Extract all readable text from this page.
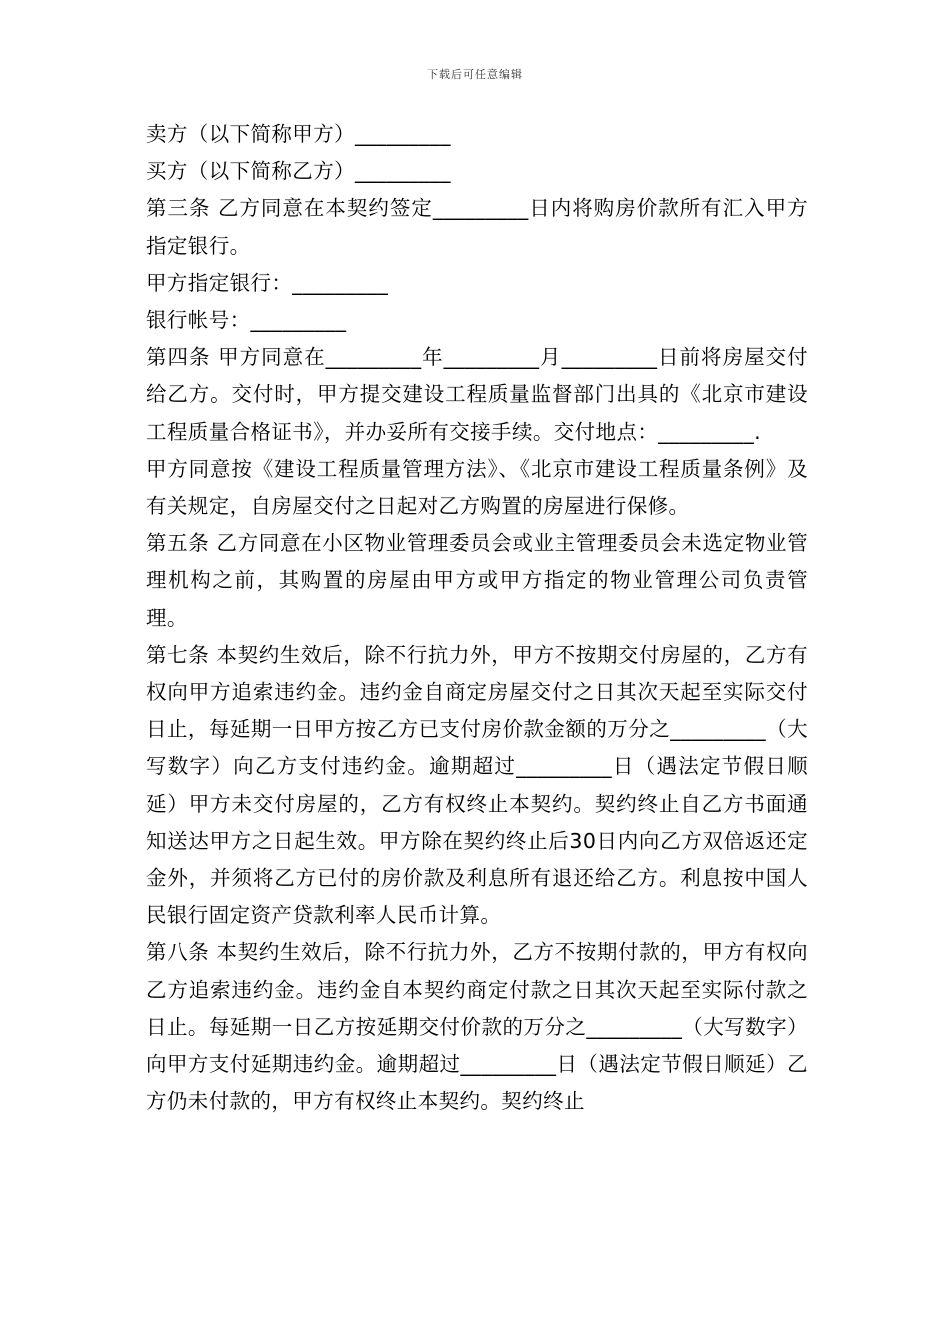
下载后可任意编辑

卖方（以下简称甲方）_________

买方（以下简称乙方）_________

第三条 乙方同意在本契约签定_________日内将购房价款所有汇入甲方指定银行。

甲方指定银行：_________

银行帐号：_________

第四条 甲方同意在_________年_________月_________日前将房屋交付给乙方。交付时，甲方提交建设工程质量监督部门出具的《北京市建设工程质量合格证书》，并办妥所有交接手续。交付地点：_________.

甲方同意按《建设工程质量管理方法》、《北京市建设工程质量条例》及有关规定，自房屋交付之日起对乙方购置的房屋进行保修。

第五条 乙方同意在小区物业管理委员会或业主管理委员会未选定物业管理机构之前，其购置的房屋由甲方或甲方指定的物业管理公司负责管理。

第七条 本契约生效后，除不行抗力外，甲方不按期交付房屋的，乙方有权向甲方追索违约金。违约金自商定房屋交付之日其次天起至实际交付日止，每延期一日甲方按乙方已支付房价款金额的万分之_________（大写数字）向乙方支付违约金。逾期超过_________日（遇法定节假日顺延）甲方未交付房屋的，乙方有权终止本契约。契约终止自乙方书面通知送达甲方之日起生效。甲方除在契约终止后30日内向乙方双倍返还定金外，并须将乙方已付的房价款及利息所有退还给乙方。利息按中国人民银行固定资产贷款利率人民币计算。

第八条 本契约生效后，除不行抗力外，乙方不按期付款的，甲方有权向乙方追索违约金。违约金自本契约商定付款之日其次天起至实际付款之日止。每延期一日乙方按延期交付价款的万分之_________（大写数字）向甲方支付延期违约金。逾期超过_________日（遇法定节假日顺延）乙方仍未付款的，甲方有权终止本契约。契约终止
